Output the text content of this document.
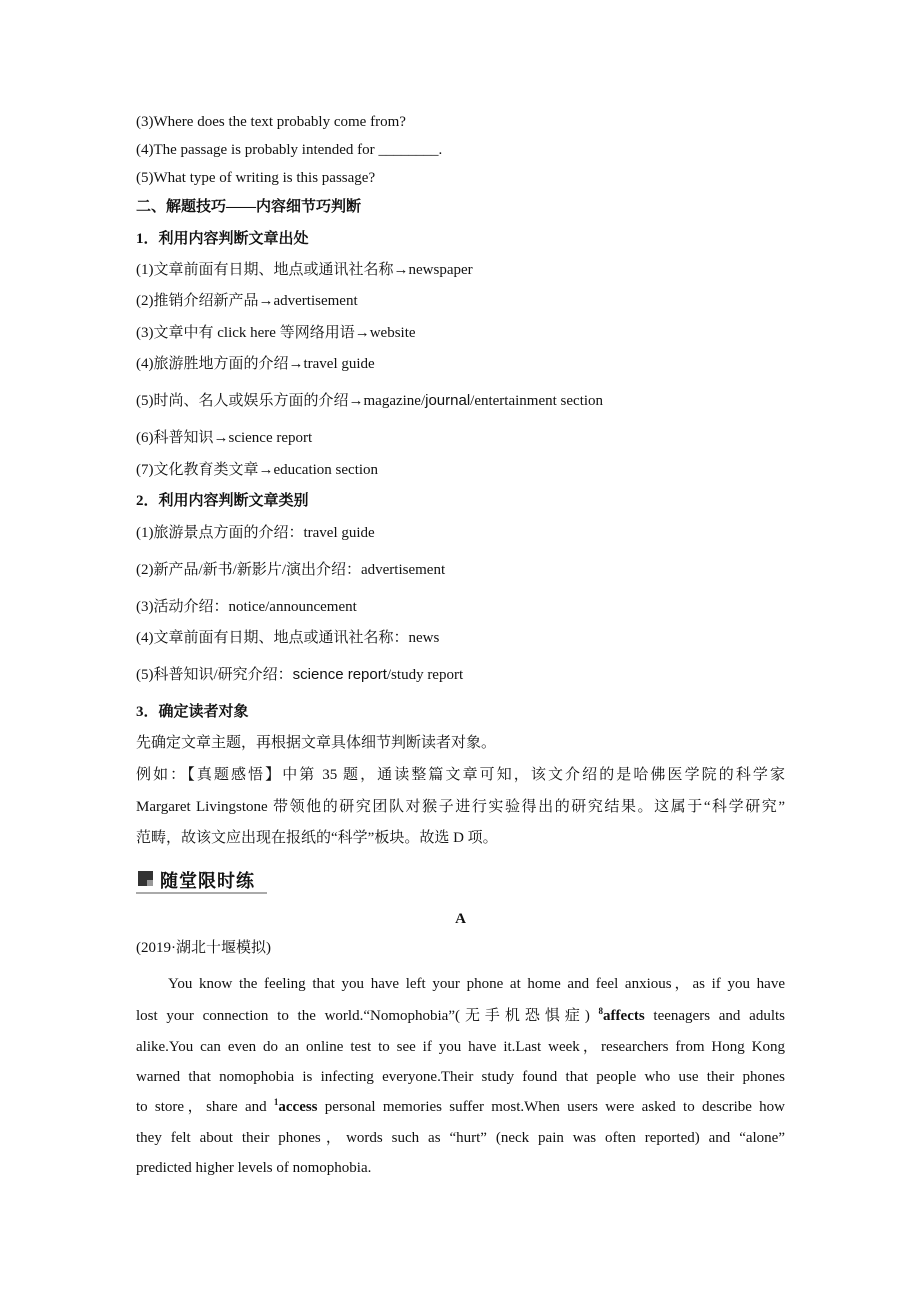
(3)Where does the text probably come from?
(4)The passage is probably intended for ________.
(5)What type of writing is this passage?
二、解题技巧——内容细节巧判断
1．利用内容判断文章出处
(1)文章前面有日期、地点或通讯社名称→newspaper
(2)推销介绍新产品→advertisement
(3)文章中有 click here 等网络用语→website
(4)旅游胜地方面的介绍→travel guide
(5)时尚、名人或娱乐方面的介绍→magazine/journal/entertainment section
(6)科普知识→science report
(7)文化教育类文章→education section
2．利用内容判断文章类别
(1)旅游景点方面的介绍：travel guide
(2)新产品/新书/新影片/演出介绍：advertisement
(3)活动介绍：notice/announcement
(4)文章前面有日期、地点或通讯社名称：news
(5)科普知识/研究介绍：science report/study report
3．确定读者对象
先确定文章主题，再根据文章具体细节判断读者对象。
例如：【真题感悟】中第 35 题，通读整篇文章可知，该文介绍的是哈佛医学院的科学家
Margaret Livingstone 带领他的研究团队对猴子进行实验得出的研究结果。这属于“科学研究”
范畴，故该文应出现在报纸的“科学”板块。故选 D 项。
随堂限时练
A
(2019·湖北十堰模拟)
You know the feeling that you have left your phone at home and feel anxious，as if you have
lost your connection to the world.“Nomophobia”(无手机恐惧症) $^8$affects teenagers and adults
alike.You can even do an online test to see if you have it.Last week，researchers from Hong Kong
warned that nomophobia is infecting everyone.Their study found that people who use their phones
to store，share and $^1$access personal memories suffer most.When users were asked to describe how
they felt about their phones，words such as “hurt” (neck pain was often reported) and “alone”
predicted higher levels of nomophobia.
